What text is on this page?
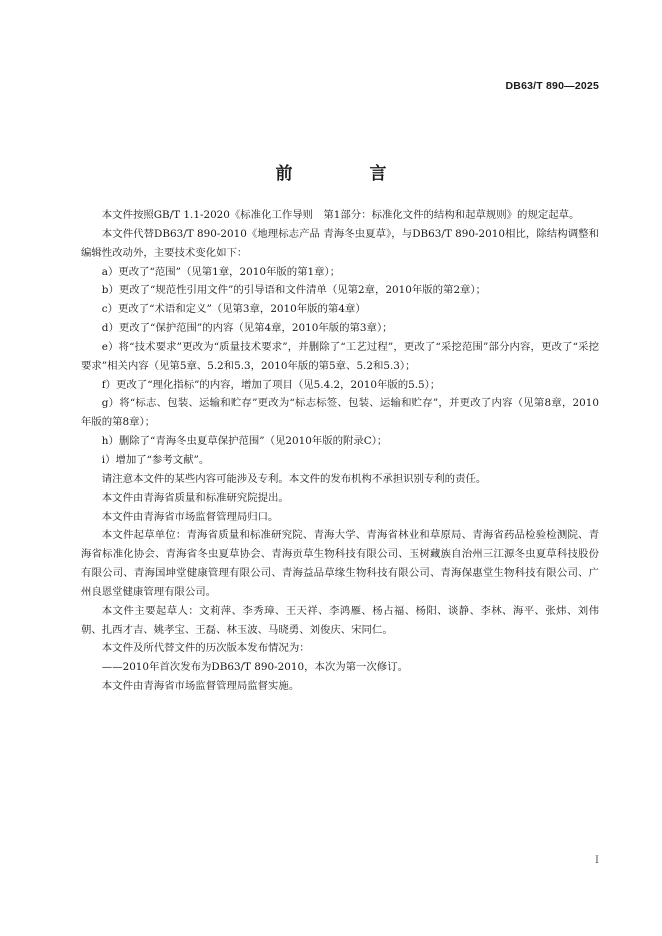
DB63/T 890—2025
前　言

本文件按照GB/T 1.1-2020《标准化工作导则　第1部分：标准化文件的结构和起草规则》的规定起草。

本文件代替DB63/T 890-2010《地理标志产品 青海冬虫夏草》，与DB63/T 890-2010相比，除结构调整和编辑性改动外，主要技术变化如下：

a）更改了“范围”（见第1章，2010年版的第1章）；

b）更改了“规范性引用文件”的引导语和文件清单（见第2章，2010年版的第2章）；

c）更改了“术语和定义”（见第3章，2010年版的第4章）

d）更改了“保护范围”的内容（见第4章，2010年版的第3章）；

e）将“技术要求”更改为“质量技术要求”，并删除了“工艺过程”，更改了“采挖范围”部分内容，更改了“采挖要求”相关内容（见第5章、5.2和5.3，2010年版的第5章、5.2和5.3）；

f）更改了“理化指标”的内容，增加了项目（见5.4.2，2010年版的5.5）；

g）将“标志、包装、运输和贮存”更改为“标志标签、包装、运输和贮存”，并更改了内容（见第8章，2010年版的第8章）；

h）删除了“青海冬虫夏草保护范围”（见2010年版的附录C）；

i）增加了“参考文献”。

请注意本文件的某些内容可能涉及专利。本文件的发布机构不承担识别专利的责任。

本文件由青海省质量和标准研究院提出。

本文件由青海省市场监督管理局归口。

本文件起草单位：青海省质量和标准研究院、青海大学、青海省林业和草原局、青海省药品检验检测院、青海省标准化协会、青海省冬虫夏草协会、青海贡草生物科技有限公司、玉树藏族自治州三江源冬虫夏草科技股份有限公司、青海国坤堂健康管理有限公司、青海益品草缘生物科技有限公司、青海保惠堂生物科技有限公司、广州良恩堂健康管理有限公司。

本文件主要起草人：文莉萍、李秀璋、王天祥、李鸿雁、杨占福、杨阳、谈静、李林、海平、张炜、刘伟朝、扎西才吉、姚孝宝、王磊、林玉波、马晓勇、刘俊庆、宋同仁。

本文件及所代替文件的历次版本发布情况为：

——2010年首次发布为DB63/T 890-2010，本次为第一次修订。

本文件由青海省市场监督管理局监督实施。

I
